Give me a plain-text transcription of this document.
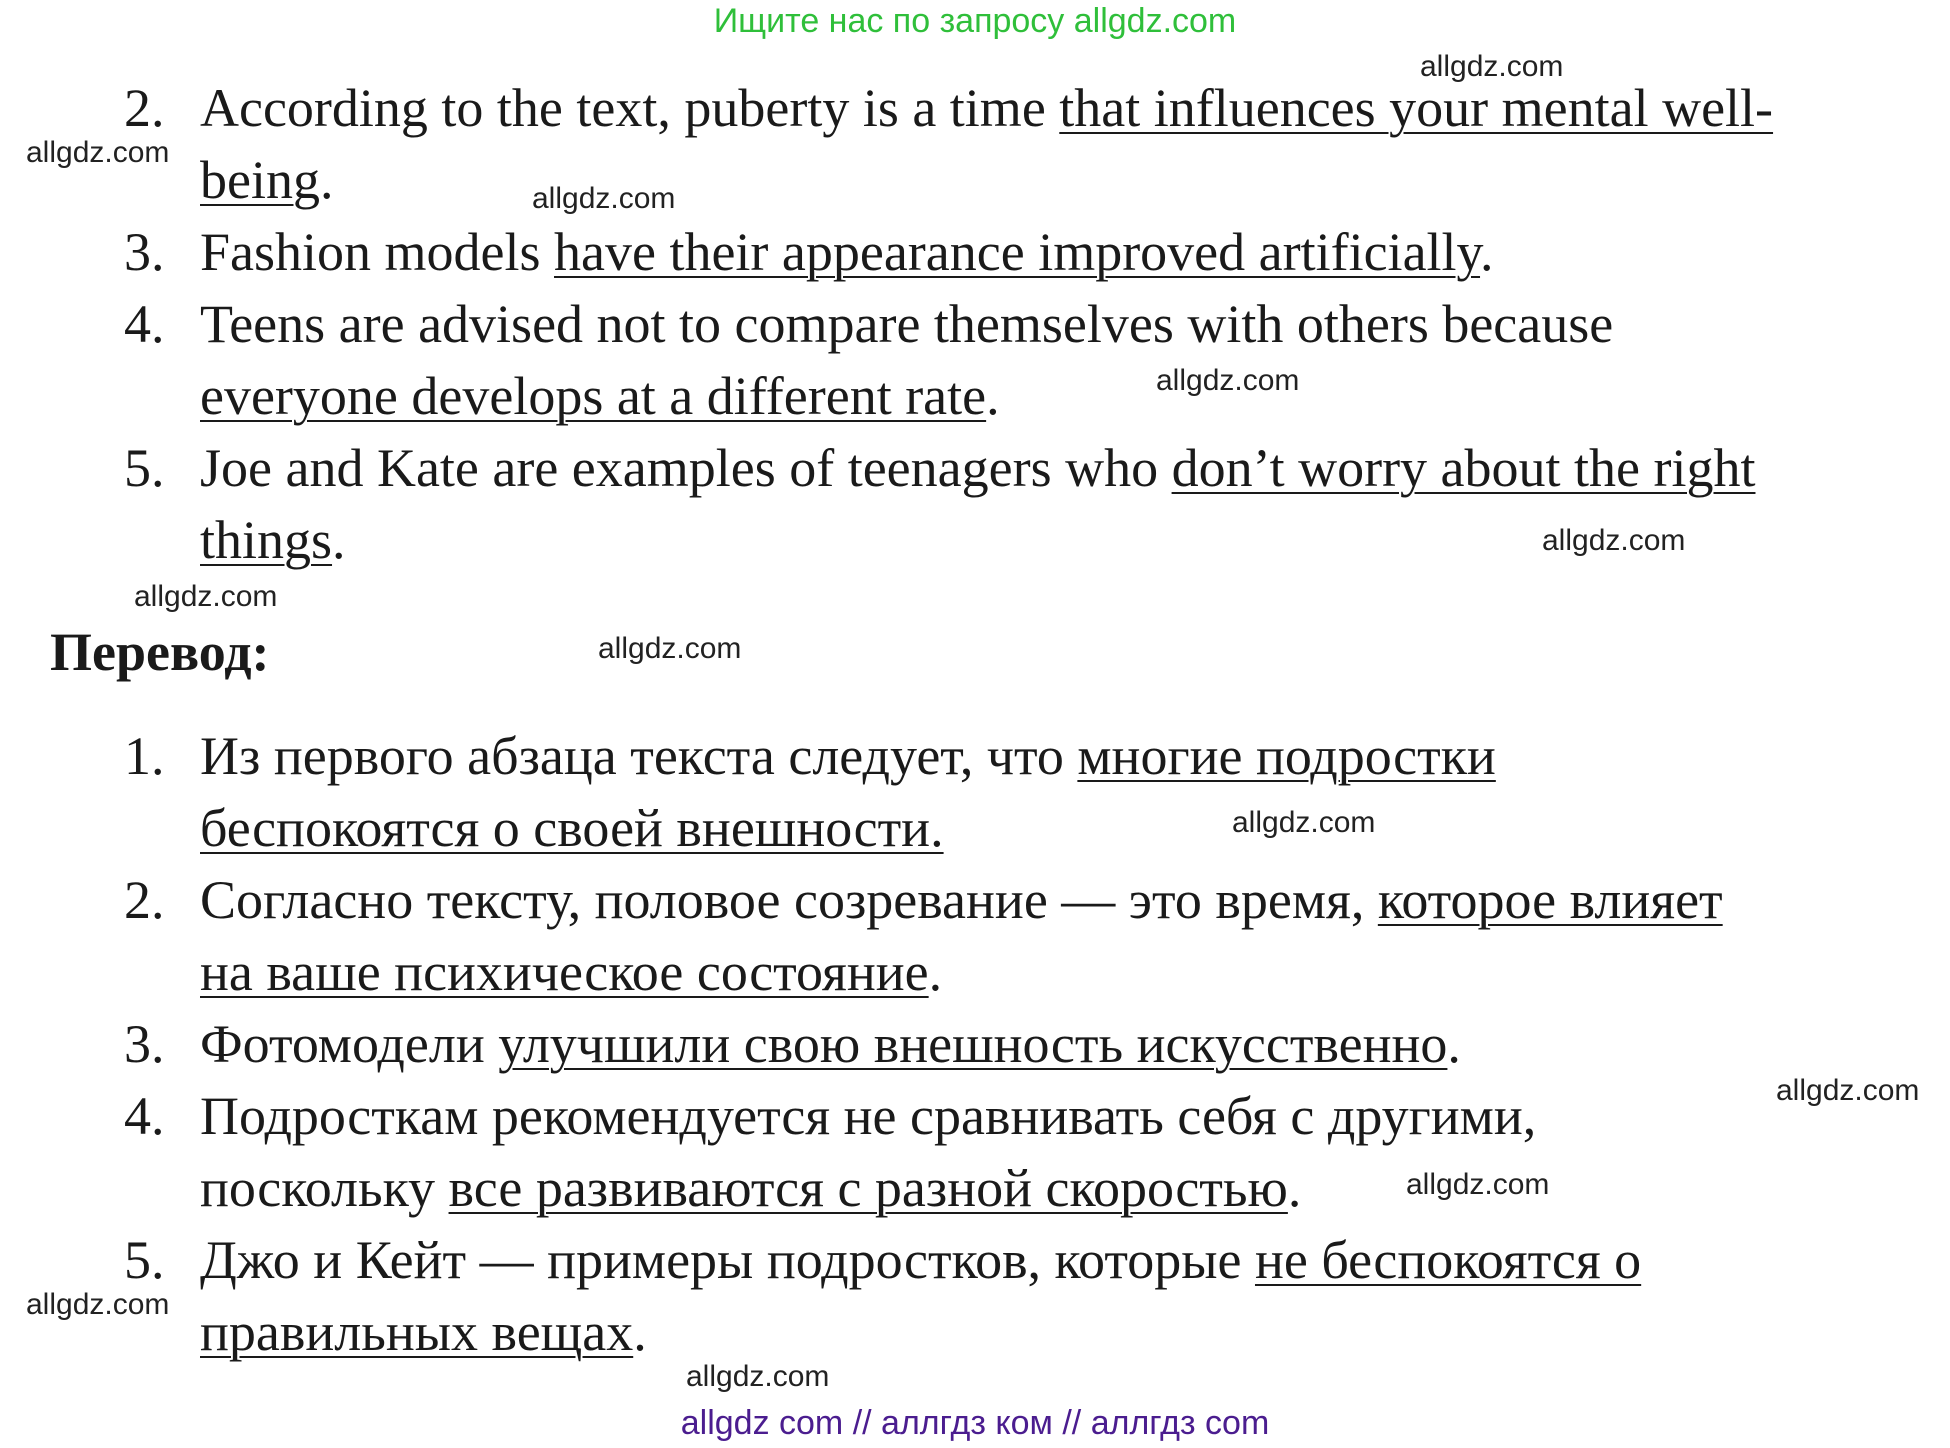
Ищите нас по запросу allgdz.com
2. According to the text, puberty is a time that influences your mental well-being.
3. Fashion models have their appearance improved artificially.
4. Teens are advised not to compare themselves with others because everyone develops at a different rate.
5. Joe and Kate are examples of teenagers who don’t worry about the right things.
Перевод:
1. Из первого абзаца текста следует, что многие подростки беспокоятся о своей внешности.
2. Согласно тексту, половое созревание — это время, которое влияет на ваше психическое состояние.
3. Фотомодели улучшили свою внешность искусственно.
4. Подросткам рекомендуется не сравнивать себя с другими, поскольку все развиваются с разной скоростью.
5. Джо и Кейт — примеры подростков, которые не беспокоятся о правильных вещах.
allgdz.com
allgdz.com
allgdz.com
allgdz.com
allgdz.com
allgdz.com
allgdz.com
allgdz.com
allgdz.com
allgdz.com
allgdz.com
allgdz.com
allgdz com // аллгдз ком // аллгдз com
